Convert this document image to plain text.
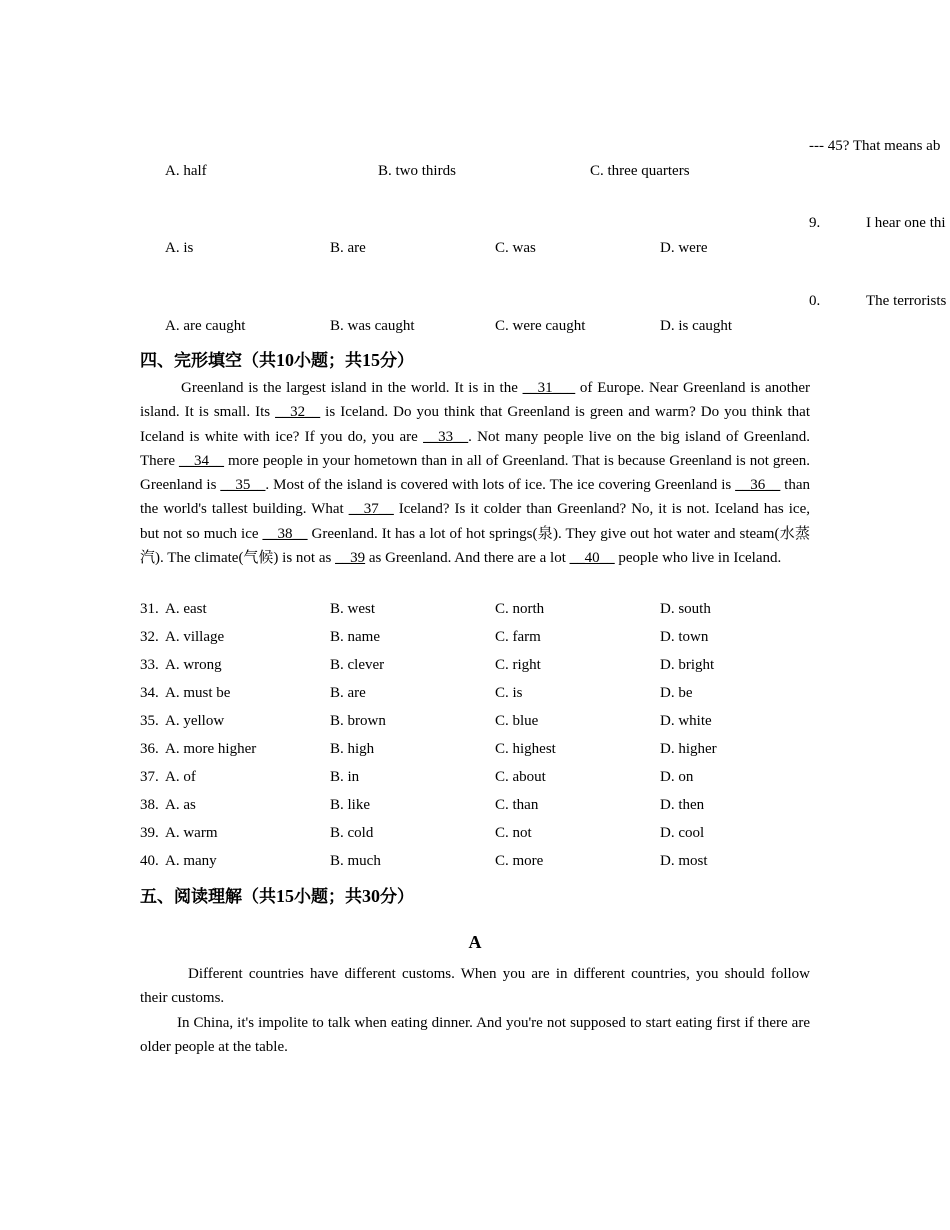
--- 45? That means ab
9.	I hear one thi
0.	The terrorists
A. half	B. two thirds	C. three quarters
A. is	B. are	C. was	D. were
A. are caught	B. was caught	C. were caught	D. is caught
四、完形填空（共10小题；共15分）
Greenland is the largest island in the world. It is in the __31___ of Europe. Near Greenland is another island. It is small. Its __32__ is Iceland. Do you think that Greenland is green and warm? Do you think that Iceland is white with ice? If you do, you are __33__. Not many people live on the big island of Greenland. There __34__ more people in your hometown than in all of Greenland. That is because Greenland is not green. Greenland is __35__. Most of the island is covered with lots of ice. The ice covering Greenland is __36__ than the world's tallest building. What __37__ Iceland? Is it colder than Greenland? No, it is not. Iceland has ice, but not so much ice __38__ Greenland. It has a lot of hot springs(泉). They give out hot water and steam(水蒸汽). The climate(气候) is not as __39 as Greenland. And there are a lot __40__ people who live in Iceland.
31. A. east	B. west	C. north	D. south
32. A. village	B. name	C. farm	D. town
33. A. wrong	B. clever	C. right	D. bright
34. A. must be	B. are	C. is	D. be
35. A. yellow	B. brown	C. blue	D. white
36. A. more higher	B. high	C. highest	D. higher
37. A. of	B. in	C. about	D. on
38. A. as	B. like	C. than	D. then
39. A. warm	B. cold	C. not	D. cool
40. A. many	B. much	C. more	D. most
五、阅读理解（共15小题；共30分）
A
Different countries have different customs. When you are in different countries, you should follow their customs.
In China, it's impolite to talk when eating dinner. And you're not supposed to start eating first if there are older people at the table.
